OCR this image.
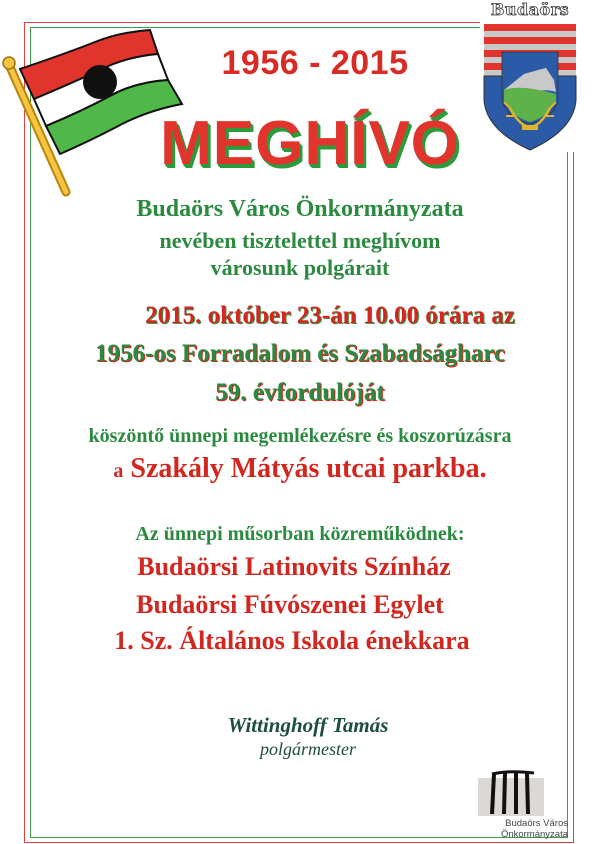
Budaörs
1956 - 2015
MEGHÍVÓ
Budaörs Város Önkormányzata
nevében tisztelettel meghívom
városunk polgárait
2015. október 23-án 10.00 órára az
1956-os Forradalom és Szabadságharc
59. évfordulóját
köszöntő ünnepi megemlékezésre és koszorúzásra
a Szakály Mátyás utcai parkba.
Az ünnepi műsorban közreműködnek:
Budaörsi Latinovits Színház
Budaörsi Fúvószenei Egylet
1. Sz. Általános Iskola énekkara
Wittinghoff Tamás
polgármester
Budaörs Város Önkormányzata
